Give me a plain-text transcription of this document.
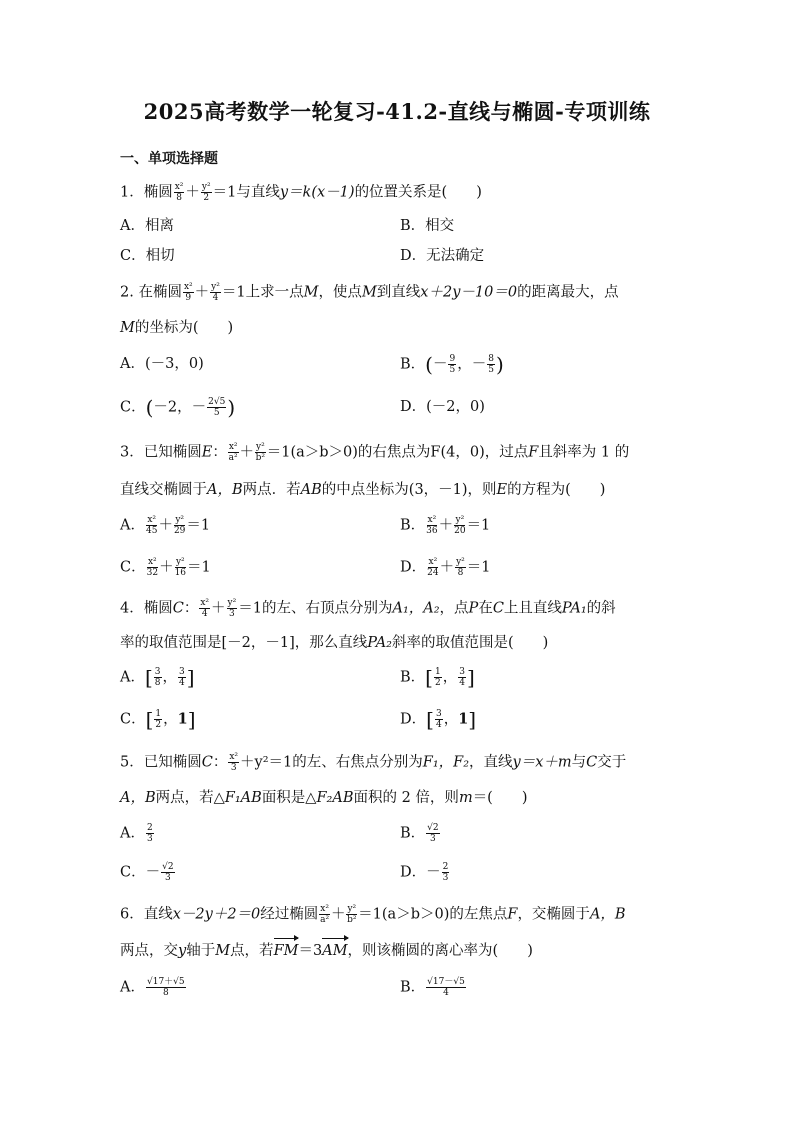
2025高考数学一轮复习-41.2-直线与椭圆-专项训练
一、单项选择题
1．椭圆 $\frac{\text{x²}}{8} + \frac{\text{y²}}{2} =1$与直线y＝k(x－1)的位置关系是(　　)
A．相离	B．相交
C．相切	D．无法确定
2. 在椭圆 $\frac{\text{x²}}{9} + \frac{\text{y²}}{4} =1$上求一点M，使点M到直线x＋2y－10＝0的距离最大，点
M的坐标为(　　)
A．(－3，0)	B．(－ $\frac{9}{5}$ ，－ $\frac{8}{5}$ )
C．(－2，－ $\frac{2√5}{5}$ )	D．(－2，0)
3．已知椭圆E： $\frac{\text{x²}}{\text{a²}} + \frac{\text{y²}}{\text{b²}} =1(a>b>0)$的右焦点为F(4，0)，过点F且斜率为 1 的
直线交椭圆于A，B两点．若AB的中点坐标为(3，－1)，则E的方程为(　　)
A． $\frac{\text{x²}}{45} + \frac{\text{y²}}{29} =1$	B． $\frac{\text{x²}}{36} + \frac{\text{y²}}{20} =1$
C． $\frac{\text{x²}}{32} + \frac{\text{y²}}{16} =1$	D． $\frac{\text{x²}}{24} + \frac{\text{y²}}{8} =1$
4．椭圆C： $\frac{\text{x²}}{4} + \frac{\text{y²}}{3} =1$的左、右顶点分别为A₁，A₂，点P在C上且直线PA₁的斜
率的取值范围是[－2，－1]，那么直线PA₂斜率的取值范围是(　　)
A．[ $\frac{3}{8}$ ， $\frac{3}{4}$ ]	B．[ $\frac{1}{2}$ ， $\frac{3}{4}$ ]
C．[ $\frac{1}{2}$ ，1]	D．[ $\frac{3}{4}$ ，1]
5．已知椭圆C： $\frac{\text{x²}}{3} +y^2=1$的左、右焦点分别为F₁，F₂，直线y＝x＋m与C交于
A，B两点，若△F₁AB面积是△F₂AB面积的 2 倍，则m＝(　　)
A． $\frac{2}{3}$	B． $\frac{√2}{3}$
C．－ $\frac{√2}{3}$	D．－ $\frac{2}{3}$
6．直线x－2y＋2＝0经过椭圆 $\frac{\text{x²}}{\text{a²}} + \frac{\text{y²}}{\text{b²}} =1(a>b>0)$的左焦点F，交椭圆于A，B
两点，交y轴于M点，若FM＝3AM，则该椭圆的离心率为(　　)
A． $\frac{√17+√5}{8}$	B． $\frac{√17-√5}{4}$
